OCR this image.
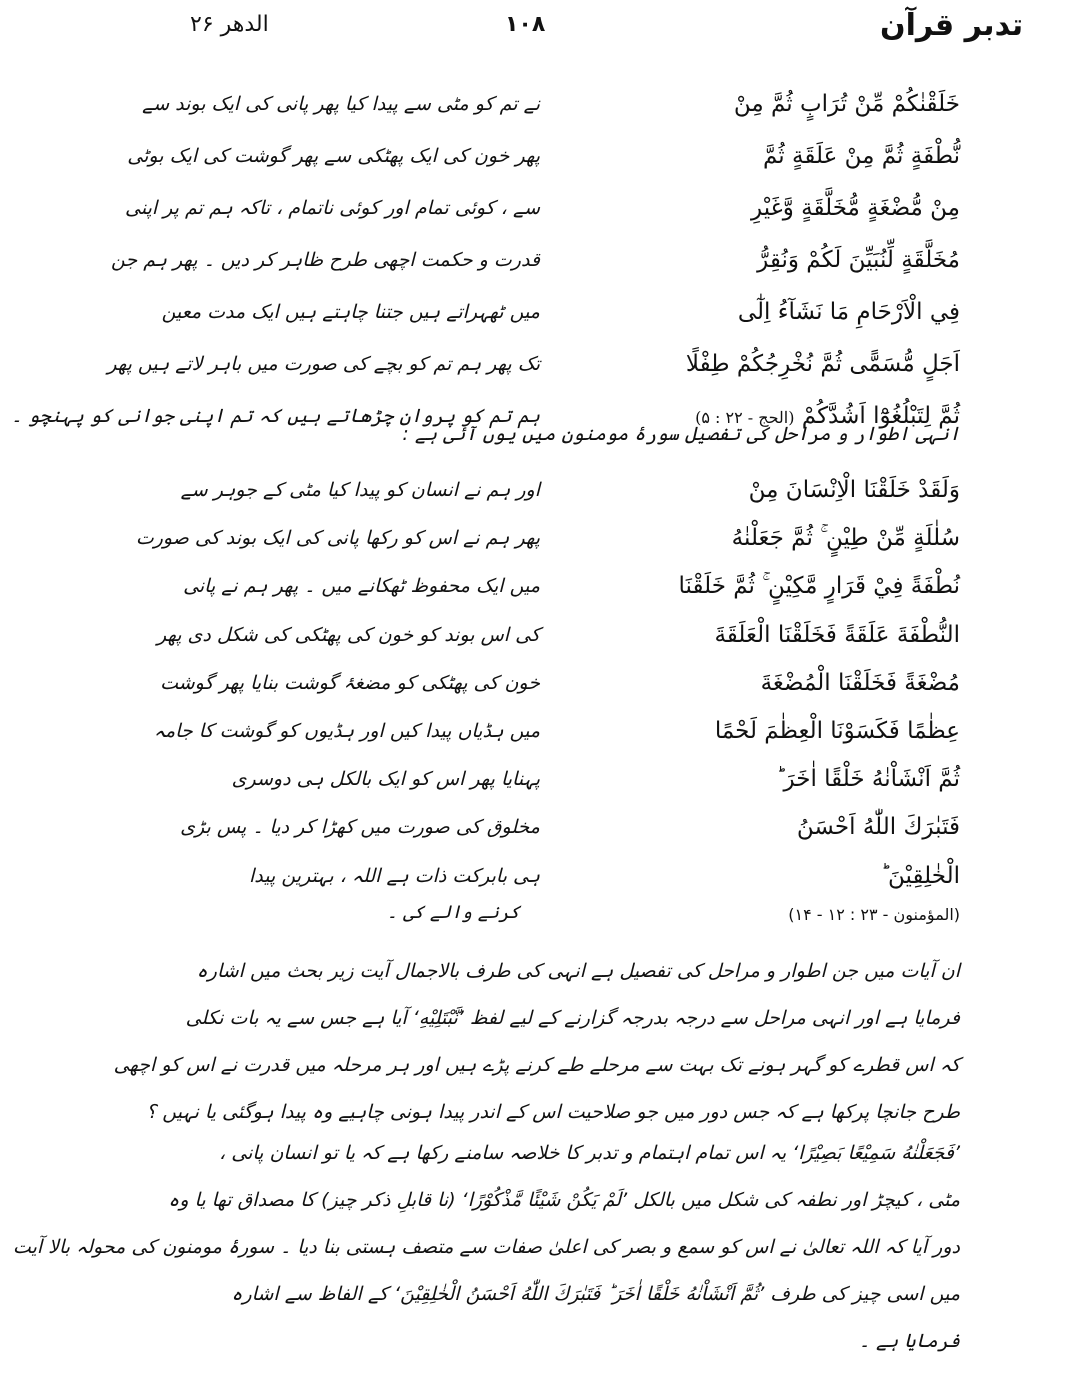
الدھر ۲۶	۱۰۸	تدبر قرآن
خَلَقْنٰكُمْ مِّنْ تُرَابٍ ثُمَّ مِنْ
نے تم کو مٹی سے پیدا کیا پھر پانی کی ایک بوند سے
نُّطْفَةٍ ثُمَّ مِنْ عَلَقَةٍ ثُمَّ
پھر خون کی ایک پھٹکی سے پھر گوشت کی ایک بوٹی
مِنْ مُّضْغَةٍ مُّخَلَّقَةٍ وَّغَيْرِ
سے ، کوئی تمام اور کوئی ناتمام ، تاکہ ہم تم پر اپنی
مُخَلَّقَةٍ لِّنُبَيِّنَ لَكُمْ وَنُقِرُّ
قدرت و حکمت اچھی طرح ظاہر کر دیں ۔ پھر ہم جن
فِي الْاَرْحَامِ مَا نَشَآءُ اِلٰٓى
میں ٹھہراتے ہیں جتنا چاہتے ہیں ایک مدت معین
اَجَلٍ مُّسَمًّى ثُمَّ نُخْرِجُكُمْ طِفْلًا
تک پھر ہم تم کو بچے کی صورت میں باہر لاتے ہیں پھر
ثُمَّ لِتَبْلُغُوْٓا اَشُدَّكُمْ (الحج - ۲۲ : ۵)
ہم تم کو پروان چڑھاتے ہیں کہ تم اپنی جوانی کو پہنچو ۔
انہی اطوار و مراحل کی تفصیل سورۂ مومنون میں یوں آئی ہے :
وَلَقَدْ خَلَقْنَا الْاِنْسَانَ مِنْ
اور ہم نے انسان کو پیدا کیا مٹی کے جوہر سے
سُلٰلَةٍ مِّنْ طِيْنٍ ۚ ثُمَّ جَعَلْنٰهُ
پھر ہم نے اس کو رکھا پانی کی ایک بوند کی صورت
نُطْفَةً فِيْ قَرَارٍ مَّكِيْنٍ ۚ ثُمَّ خَلَقْنَا
میں ایک محفوظ ٹھکانے میں ۔ پھر ہم نے پانی
النُّطْفَةَ عَلَقَةً فَخَلَقْنَا الْعَلَقَةَ
کی اس بوند کو خون کی پھٹکی کی شکل دی پھر
مُضْغَةً فَخَلَقْنَا الْمُضْغَةَ
خون کی پھٹکی کو مضغۂ گوشت بنایا پھر گوشت
عِظٰمًا فَكَسَوْنَا الْعِظٰمَ لَحْمًا
میں ہڈیاں پیدا کیں اور ہڈیوں کو گوشت کا جامہ
ثُمَّ اَنْشَاْنٰهُ خَلْقًا اٰخَرَ ؕ
پہنایا پھر اس کو ایک بالکل ہی دوسری
فَتَبٰرَكَ اللّٰهُ اَحْسَنُ
مخلوق کی صورت میں کھڑا کر دیا ۔ پس بڑی
الْخٰلِقِيْنَ ؕ
ہی بابرکت ذات ہے اللہ ، بہترین پیدا
(المؤمنون - ۲۳ : ۱۲ - ۱۴)
کرنے والے کی ۔
ان آیات میں جن اطوار و مراحل کی تفصیل ہے انہی کی طرف بالاجمال آیت زیر بحث میں اشارہ
فرمایا ہے اور انہی مراحل سے درجہ بدرجہ گزارنے کے لیے لفظ ’نَّبْتَلِيْهِ‘ آیا ہے جس سے یہ بات نکلی
کہ اس قطرے کو گہر ہونے تک بہت سے مرحلے طے کرنے پڑے ہیں اور ہر مرحلہ میں قدرت نے اس کو اچھی
طرح جانچا پرکھا ہے کہ جس دور میں جو صلاحیت اس کے اندر پیدا ہونی چاہیے وہ پیدا ہوگئی یا نہیں ؟
’فَجَعَلْنٰهُ سَمِيْعًا بَصِيْرًا‘ یہ اس تمام اہتمام و تدبر کا خلاصہ سامنے رکھا ہے کہ یا تو انسان پانی ،
مٹی ، کیچڑ اور نطفہ کی شکل میں بالکل ’لَمْ يَكُنْ شَيْئًا مَّذْكُوْرًا‘ (نا قابلِ ذکر چیز) کا مصداق تھا یا وہ
دور آیا کہ اللہ تعالیٰ نے اس کو سمع و بصر کی اعلیٰ صفات سے متصف ہستی بنا دیا ۔ سورۂ مومنون کی محولہ بالا آیت
میں اسی چیز کی طرف ’ثُمَّ اَنْشَاْنٰهُ خَلْقًا اٰخَرَ ؕ فَتَبٰرَكَ اللّٰهُ اَحْسَنُ الْخٰلِقِيْنَ‘ کے الفاظ سے اشارہ
فرمایا ہے ۔
